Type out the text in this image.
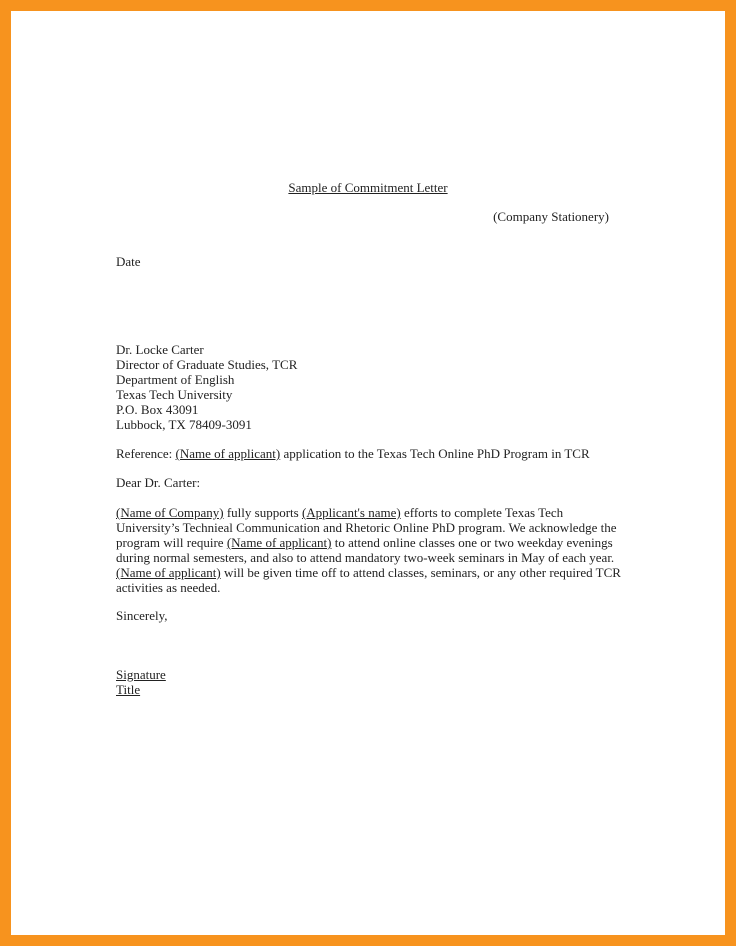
Sample of Commitment Letter
(Company Stationery)
Date
Dr. Locke Carter
Director of Graduate Studies, TCR
Department of English
Texas Tech University
P.O. Box 43091
Lubbock, TX 78409-3091
Reference: (Name of applicant) application to the Texas Tech Online PhD Program in TCR
Dear Dr. Carter:
(Name of Company) fully supports (Applicant's name) efforts to complete Texas Tech
University’s Technieal Communication and Rhetoric Online PhD program. We acknowledge the
program will require (Name of applicant) to attend online classes one or two weekday evenings
during normal semesters, and also to attend mandatory two-week seminars in May of each year.
(Name of applicant) will be given time off to attend classes, seminars, or any other required TCR
activities as needed.
Sincerely,
Signature
Title
